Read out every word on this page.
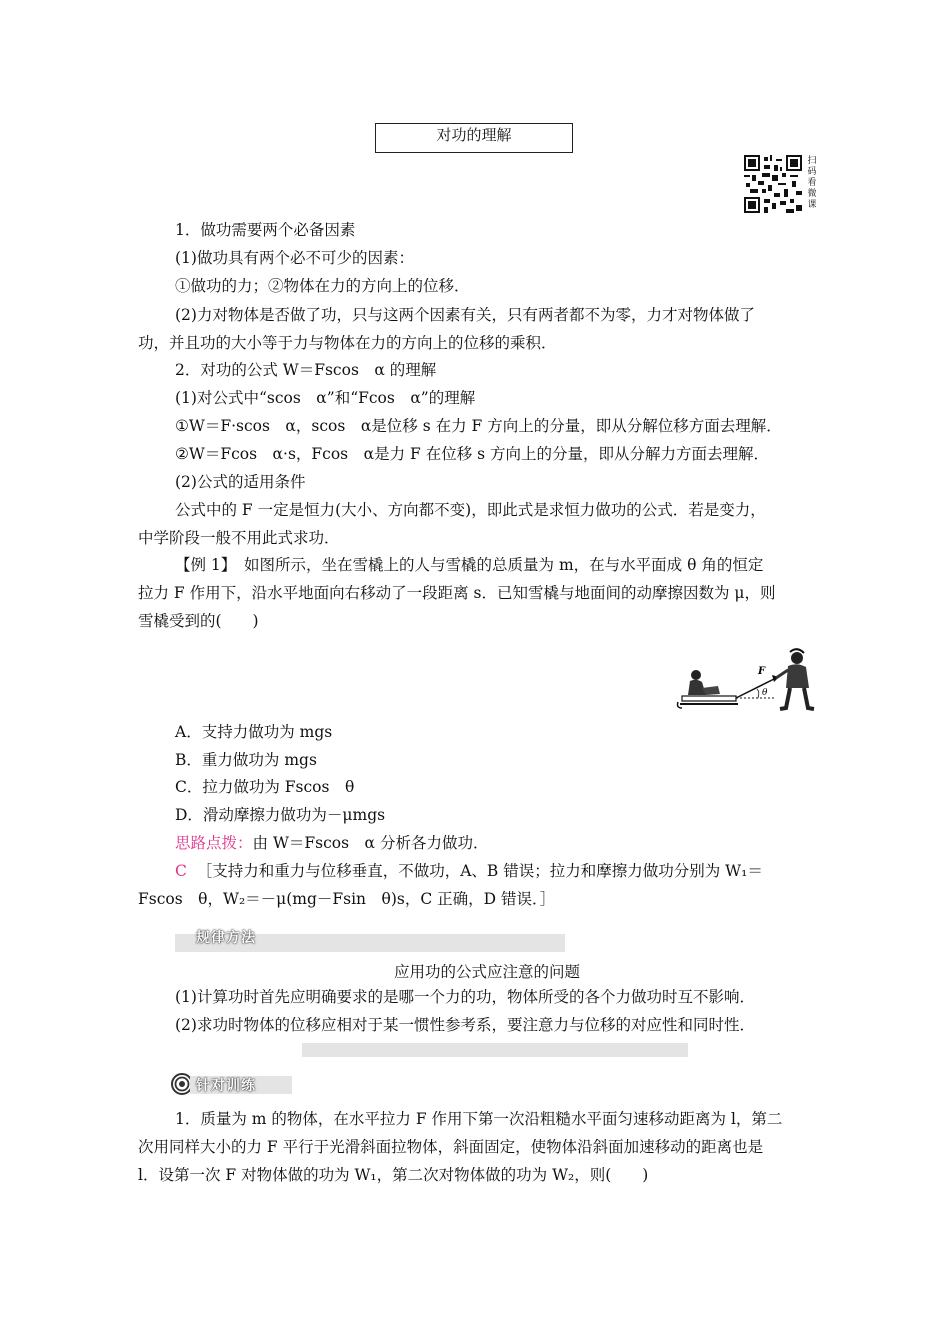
对功的理解
扫码看微课
1．做功需要两个必备因素
(1)做功具有两个必不可少的因素：
①做功的力；②物体在力的方向上的位移．
(2)力对物体是否做了功，只与这两个因素有关，只有两者都不为零，力才对物体做了
功，并且功的大小等于力与物体在力的方向上的位移的乘积．
2．对功的公式 W＝Fscos　α 的理解
(1)对公式中“scos　α”和“Fcos　α”的理解
①W＝F·scos　α，scos　α是位移 s 在力 F 方向上的分量，即从分解位移方面去理解．
②W＝Fcos　α·s，Fcos　α是力 F 在位移 s 方向上的分量，即从分解力方面去理解．
(2)公式的适用条件
公式中的 F 一定是恒力(大小、方向都不变)，即此式是求恒力做功的公式．若是变力，
中学阶段一般不用此式求功．
【例 1】　如图所示，坐在雪橇上的人与雪橇的总质量为 m，在与水平面成 θ 角的恒定
拉力 F 作用下，沿水平地面向右移动了一段距离 s．已知雪橇与地面间的动摩擦因数为 μ，则
雪橇受到的(　　)
θ
F
A．支持力做功为 mgs
B．重力做功为 mgs
C．拉力做功为 Fscos　θ
D．滑动摩擦力做功为－μmgs
思路点拨：由 W＝Fscos　α 分析各力做功．
C ［支持力和重力与位移垂直，不做功，A、B 错误；拉力和摩擦力做功分别为 W₁＝
Fscos　θ，W₂＝－μ(mg－Fsin　θ)s，C 正确，D 错误．］
规律方法
应用功的公式应注意的问题
(1)计算功时首先应明确要求的是哪一个力的功，物体所受的各个力做功时互不影响．
(2)求功时物体的位移应相对于某一惯性参考系，要注意力与位移的对应性和同时性．
针对训练
1．质量为 m 的物体，在水平拉力 F 作用下第一次沿粗糙水平面匀速移动距离为 l，第二
次用同样大小的力 F 平行于光滑斜面拉物体，斜面固定，使物体沿斜面加速移动的距离也是
l．设第一次 F 对物体做的功为 W₁，第二次对物体做的功为 W₂，则(　　)
